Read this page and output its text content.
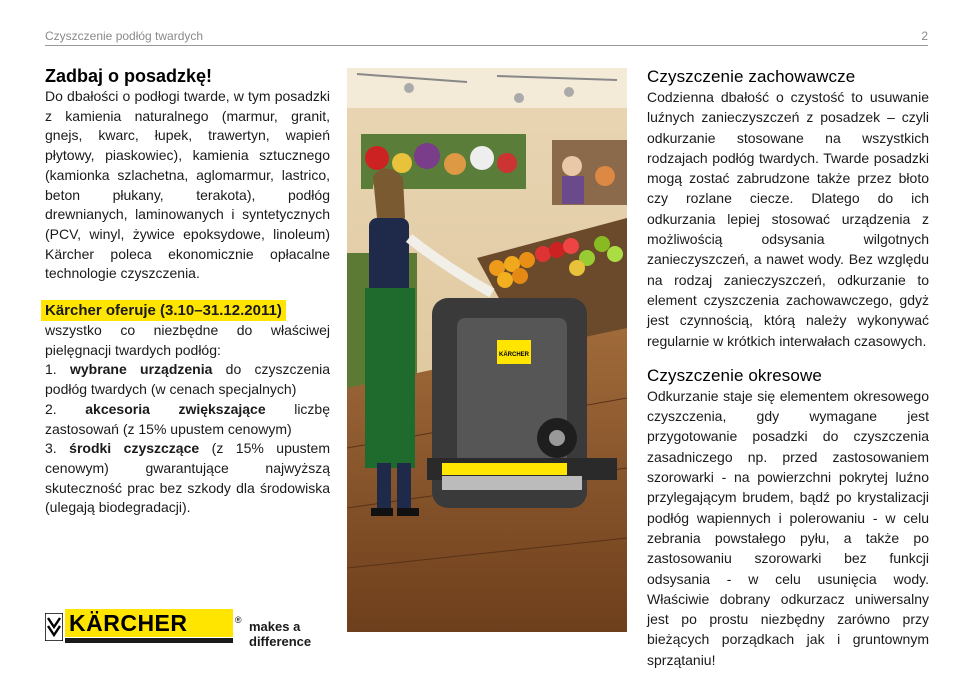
Czyszczenie podłóg twardych	2
Zadbaj o posadzkę!

Do dbałości o podłogi twarde, w tym posadzki z kamienia naturalnego (marmur, granit, gnejs, kwarc, łupek, trawertyn, wapień płytowy, piaskowiec), kamienia sztucznego (kamionka szlachetna, aglomarmur, lastrico, beton płukany, terakota), podłóg drewnianych, laminowanych i syntetycznych (PCV, winyl, żywice epoksydowe, linoleum) Kärcher poleca ekonomicznie opłacalne technologie czyszczenia.

Kärcher oferuje (3.10–31.12.2011)

wszystko co niezbędne do właściwej pielęgnacji twardych podłóg:

1. wybrane urządzenia do czyszczenia podłóg twardych (w cenach specjalnych)

2. akcesoria zwiększające liczbę zastosowań (z 15% upustem cenowym)

3. środki czyszczące (z 15% upustem cenowym) gwarantujące najwyższą skuteczność prac bez szkody dla środowiska (ulegają biodegradacji).

KÄRCHER	® makes a difference
KÄRCHER
Czyszczenie zachowawcze

Codzienna dbałość o czystość to usuwanie luźnych zanieczyszczeń z posadzek – czyli odkurzanie stosowane na wszystkich rodzajach podłóg twardych. Twarde posadzki mogą zostać zabrudzone także przez błoto czy rozlane ciecze. Dlatego do ich odkurzania lepiej stosować urządzenia z możliwością odsysania wilgotnych zanieczyszczeń, a nawet wody. Bez względu na rodzaj zanieczyszczeń, odkurzanie to element czyszczenia zachowawczego, gdyż jest czynnością, którą należy wykonywać regularnie w krótkich interwałach czasowych.

Czyszczenie okresowe

Odkurzanie staje się elementem okresowego czyszczenia, gdy wymagane jest przygotowanie posadzki do czyszczenia zasadniczego np. przed zastosowaniem szorowarki - na powierzchni pokrytej luźno przylegającym brudem, bądź po krystalizacji podłóg wapiennych i polerowaniu - w celu zebrania powstałego pyłu, a także po zastosowaniu szorowarki bez funkcji odsysania - w celu usunięcia wody. Właściwie dobrany odkurzacz uniwersalny jest po prostu niezbędny zarówno przy bieżących porządkach jak i gruntownym sprzątaniu!
